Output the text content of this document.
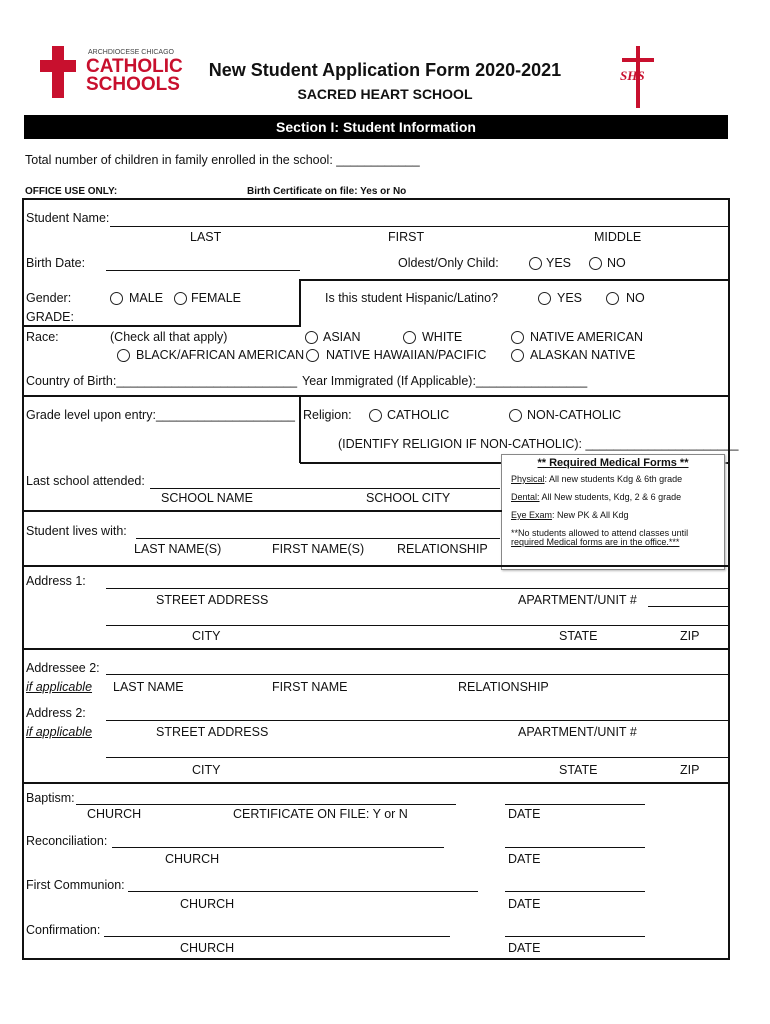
ARCHDIOCESE CHICAGO
CATHOLIC
SCHOOLS
New Student Application Form 2020-2021
SACRED HEART SCHOOL
SHS
Section I: Student Information
Total number of children in family enrolled in the school: ____________
OFFICE USE ONLY:	Birth Certificate on file: Yes or No
Student Name:
LAST	FIRST	MIDDLE
Birth Date:	Oldest/Only Child:	YES	NO
Gender:	MALE FEMALE	Is this student Hispanic/Latino?	YES	NO
GRADE:
Race:	(Check all that apply)	ASIAN	WHITE	NATIVE AMERICAN
BLACK/AFRICAN AMERICAN NATIVE HAWAIIAN/PACIFIC	ALASKAN NATIVE
Country of Birth:__________________________ Year Immigrated (If Applicable):________________
Grade level upon entry:____________________ Religion:	CATHOLIC	NON-CATHOLIC
(IDENTIFY RELIGION IF NON-CATHOLIC): ______________________
** Required Medical Forms **
Physical: All new students Kdg & 6th grade
Dental: All New students, Kdg, 2 & 6 grade
Eye Exam: New PK & All Kdg
**No students allowed to attend classes until
required Medical forms are in the office.***
Last school attended:
SCHOOL NAME	SCHOOL CITY
Student lives with:
LAST NAME(S)	FIRST NAME(S)	RELATIONSHIP
Address 1:
STREET ADDRESS	APARTMENT/UNIT #
CITY	STATE	ZIP
Addressee 2:
if applicable LAST NAME	FIRST NAME	RELATIONSHIP
Address 2:
if applicable	STREET ADDRESS	APARTMENT/UNIT #
CITY	STATE	ZIP
Baptism:
CHURCH	CERTIFICATE ON FILE: Y or N	DATE
Reconciliation:
CHURCH	DATE
First Communion:
CHURCH	DATE
Confirmation:
CHURCH	DATE
